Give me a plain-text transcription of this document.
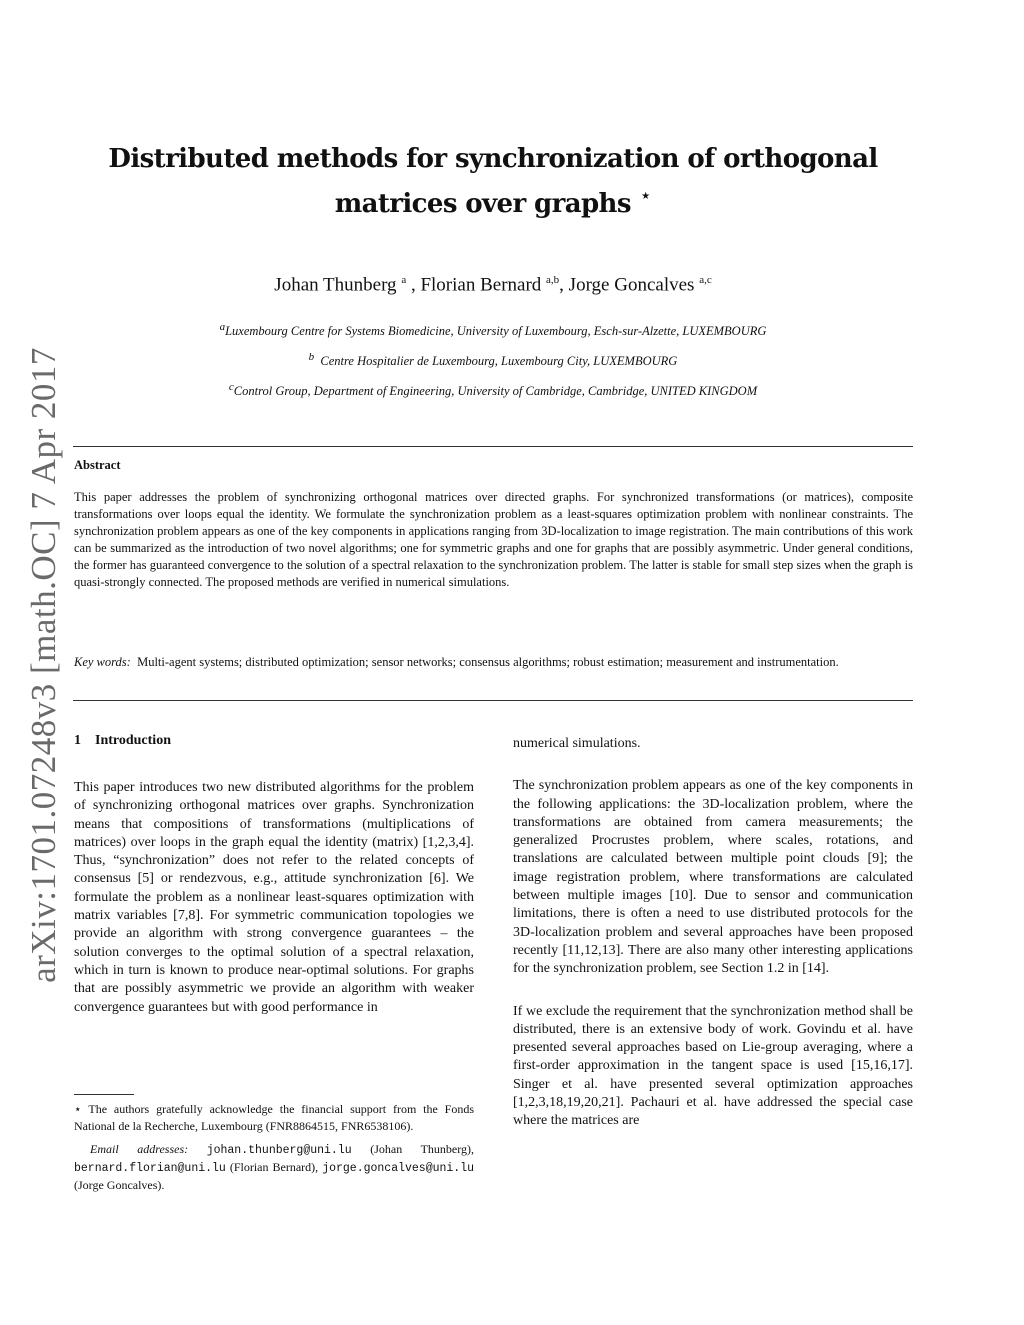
arXiv:1701.07248v3 [math.OC] 7 Apr 2017
Distributed methods for synchronization of orthogonal
matrices over graphs ⋆
Johan Thunberg $^a$ , Florian Bernard $^{a,b}$, Jorge Goncalves $^{a,c}$
$^a$Luxembourg Centre for Systems Biomedicine, University of Luxembourg, Esch-sur-Alzette, LUXEMBOURG
$^b$ Centre Hospitalier de Luxembourg, Luxembourg City, LUXEMBOURG
$^c$Control Group, Department of Engineering, University of Cambridge, Cambridge, UNITED KINGDOM
Abstract
This paper addresses the problem of synchronizing orthogonal matrices over directed graphs. For synchronized transformations (or matrices), composite transformations over loops equal the identity. We formulate the synchronization problem as a least-squares optimization problem with nonlinear constraints. The synchronization problem appears as one of the key components in applications ranging from 3D-localization to image registration. The main contributions of this work can be summarized as the introduction of two novel algorithms; one for symmetric graphs and one for graphs that are possibly asymmetric. Under general conditions, the former has guaranteed convergence to the solution of a spectral relaxation to the synchronization problem. The latter is stable for small step sizes when the graph is quasi-strongly connected. The proposed methods are verified in numerical simulations.
Key words: Multi-agent systems; distributed optimization; sensor networks; consensus algorithms; robust estimation; measurement and instrumentation.
1 Introduction

This paper introduces two new distributed algorithms for the problem of synchronizing orthogonal matrices over graphs. Synchronization means that compositions of transformations (multiplications of matrices) over loops in the graph equal the identity (matrix) [1,2,3,4]. Thus, “synchronization” does not refer to the related concepts of consensus [5] or rendezvous, e.g., attitude synchronization [6]. We formulate the problem as a nonlinear least-squares optimization with matrix variables [7,8]. For symmetric communication topologies we provide an algorithm with strong convergence guarantees – the solution converges to the optimal solution of a spectral relaxation, which in turn is known to produce near-optimal solutions. For graphs that are possibly asymmetric we provide an algorithm with weaker convergence guarantees but with good performance in

numerical simulations.

The synchronization problem appears as one of the key components in the following applications: the 3D-localization problem, where the transformations are obtained from camera measurements; the generalized Procrustes problem, where scales, rotations, and translations are calculated between multiple point clouds [9]; the image registration problem, where transformations are calculated between multiple images [10]. Due to sensor and communication limitations, there is often a need to use distributed protocols for the 3D-localization problem and several approaches have been proposed recently [11,12,13]. There are also many other interesting applications for the synchronization problem, see Section 1.2 in [14].

If we exclude the requirement that the synchronization method shall be distributed, there is an extensive body of work. Govindu et al. have presented several approaches based on Lie-group averaging, where a first-order approximation in the tangent space is used [15,16,17]. Singer et al. have presented several optimization approaches [1,2,3,18,19,20,21]. Pachauri et al. have addressed the special case where the matrices are

⋆ The authors gratefully acknowledge the financial support from the Fonds National de la Recherche, Luxembourg (FNR8864515, FNR6538106).

Email addresses: johan.thunberg@uni.lu (Johan Thunberg), bernard.florian@uni.lu (Florian Bernard), jorge.goncalves@uni.lu (Jorge Goncalves).
